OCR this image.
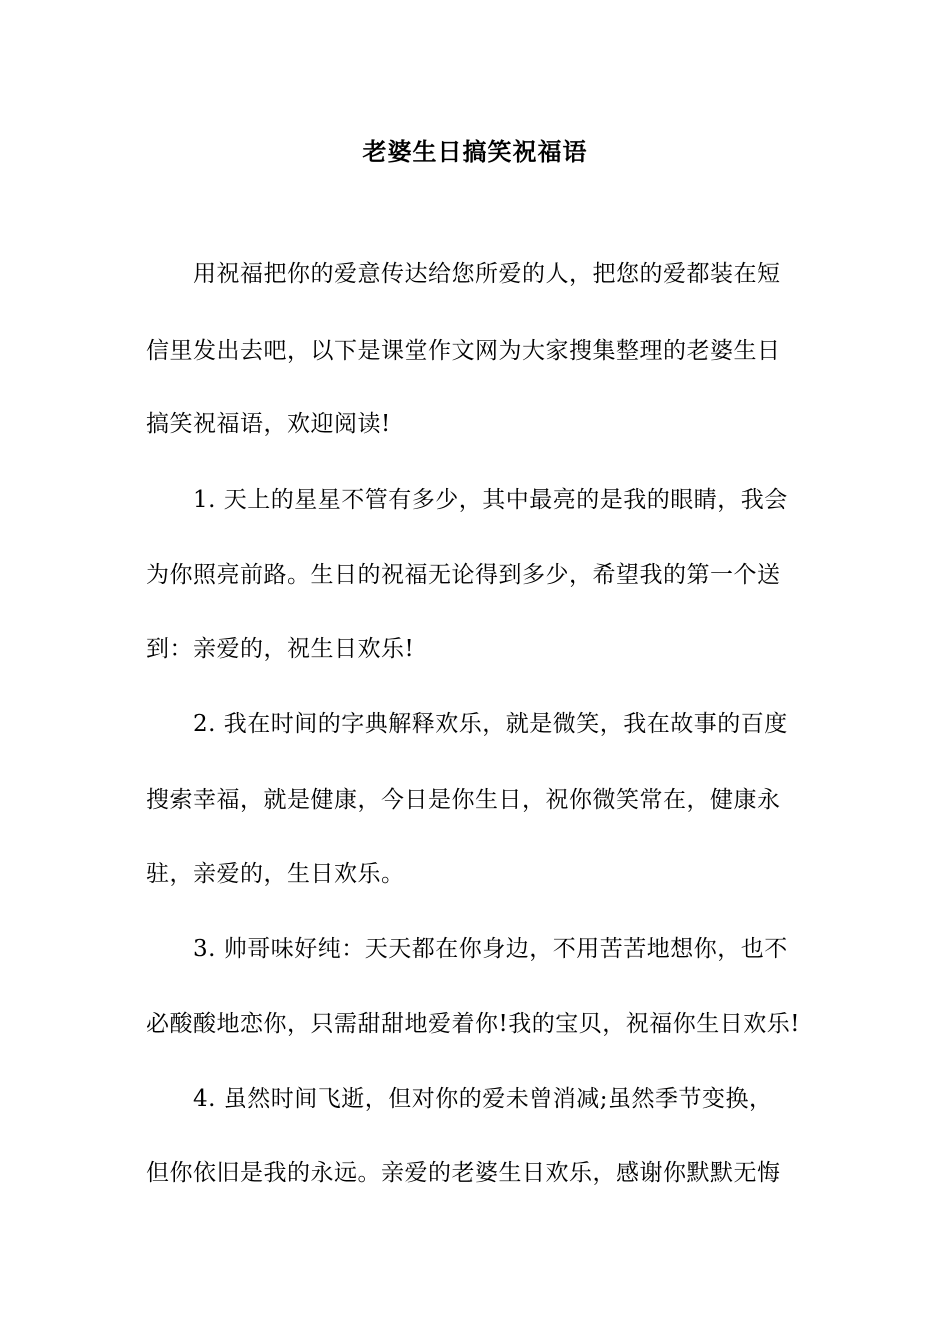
老婆生日搞笑祝福语
用祝福把你的爱意传达给您所爱的人，把您的爱都装在短
信里发出去吧，以下是课堂作文网为大家搜集整理的老婆生日
搞笑祝福语，欢迎阅读!
1. 天上的星星不管有多少，其中最亮的是我的眼睛，我会
为你照亮前路。生日的祝福无论得到多少，希望我的第一个送
到：亲爱的，祝生日欢乐!
2. 我在时间的字典解释欢乐，就是微笑，我在故事的百度
搜索幸福，就是健康，今日是你生日，祝你微笑常在，健康永
驻，亲爱的，生日欢乐。
3. 帅哥味好纯：天天都在你身边，不用苦苦地想你，也不
必酸酸地恋你，只需甜甜地爱着你!我的宝贝，祝福你生日欢乐!
4. 虽然时间飞逝，但对你的爱未曾消减;虽然季节变换，
但你依旧是我的永远。亲爱的老婆生日欢乐，感谢你默默无悔
